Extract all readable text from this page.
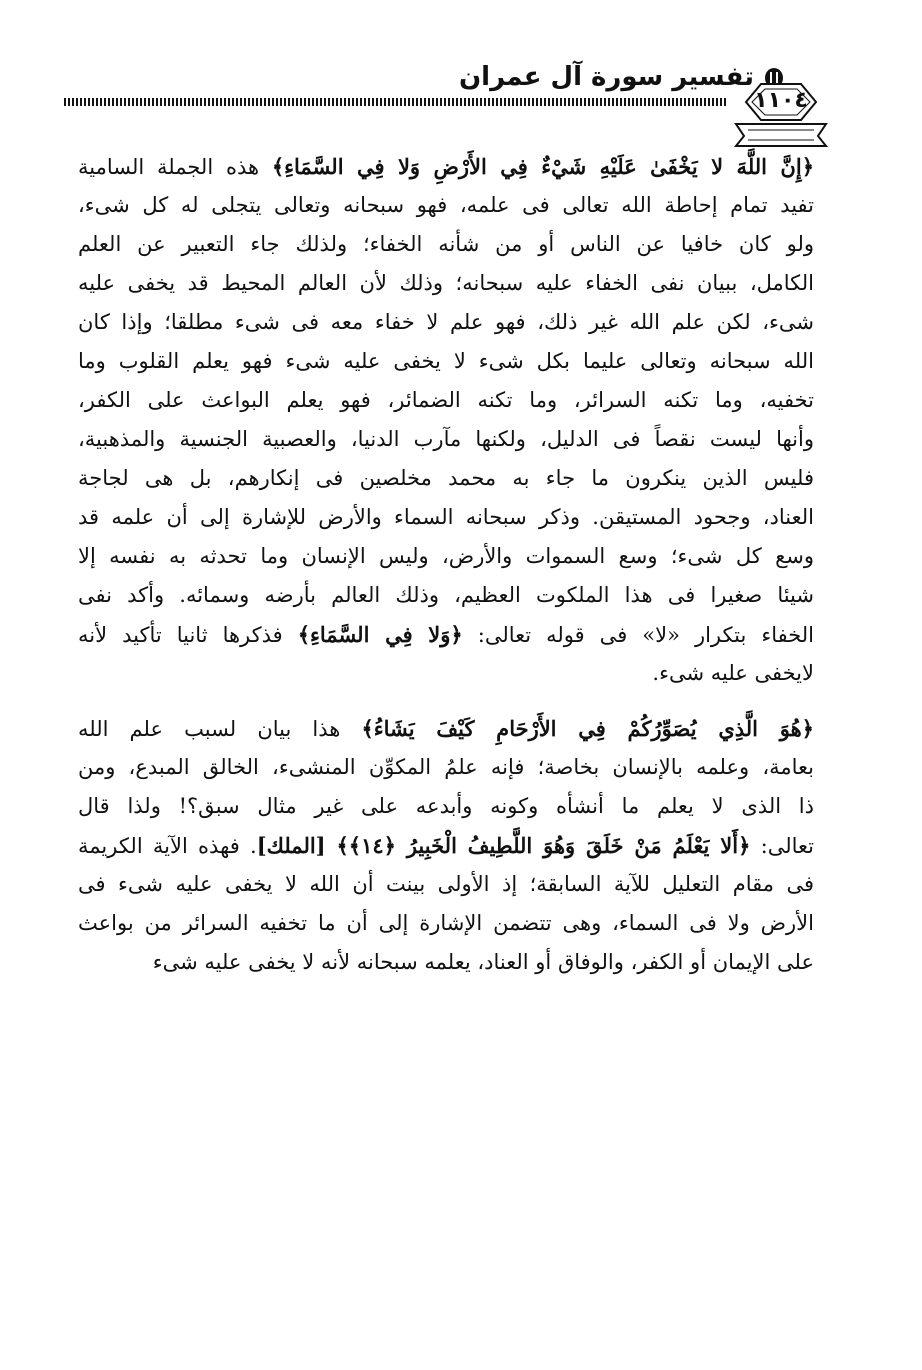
تفسير سورة آل عمران
١١٠٤
﴿إِنَّ اللَّهَ لا يَخْفَىٰ عَلَيْهِ شَيْءٌ فِي الأَرْضِ وَلا فِي السَّمَاءِ﴾ هذه الجملة السامية
تفيد تمام إحاطة الله تعالى فى علمه، فهو سبحانه وتعالى يتجلى له كل شىء،
ولو كان خافيا عن الناس أو من شأنه الخفاء؛ ولذلك جاء التعبير عن العلم
الكامل، ببيان نفى الخفاء عليه سبحانه؛ وذلك لأن العالم المحيط قد يخفى عليه
شىء، لكن علم الله غير ذلك، فهو علم لا خفاء معه فى شىء مطلقا؛ وإذا كان
الله سبحانه وتعالى عليما بكل شىء لا يخفى عليه شىء فهو يعلم القلوب وما
تخفيه، وما تكنه السرائر، وما تكنه الضمائر، فهو يعلم البواعث على الكفر،
وأنها ليست نقصاً فى الدليل، ولكنها مآرب الدنيا، والعصبية الجنسية والمذهبية،
فليس الذين ينكرون ما جاء به محمد مخلصين فى إنكارهم، بل هى لجاجة
العناد، وجحود المستيقن. وذكر سبحانه السماء والأرض للإشارة إلى أن علمه قد
وسع كل شىء؛ وسع السموات والأرض، وليس الإنسان وما تحدثه به نفسه إلا
شيئا صغيرا فى هذا الملكوت العظيم، وذلك العالم بأرضه وسمائه. وأكد نفى
الخفاء بتكرار «لا» فى قوله تعالى: ﴿وَلا فِي السَّمَاءِ﴾ فذكرها ثانيا تأكيد لأنه
لايخفى عليه شىء.
﴿هُوَ الَّذِي يُصَوِّرُكُمْ فِي الأَرْحَامِ كَيْفَ يَشَاءُ﴾ هذا بيان لسبب علم الله
بعامة، وعلمه بالإنسان بخاصة؛ فإنه علمُ المكوِّن المنشىء، الخالق المبدع، ومن
ذا الذى لا يعلم ما أنشأه وكونه وأبدعه على غير مثال سبق؟! ولذا قال
تعالى: ﴿أَلا يَعْلَمُ مَنْ خَلَقَ وَهُوَ اللَّطِيفُ الْخَبِيرُ ﴿١٤﴾﴾ [الملك]. فهذه الآية الكريمة
فى مقام التعليل للآية السابقة؛ إذ الأولى بينت أن الله لا يخفى عليه شىء فى
الأرض ولا فى السماء، وهى تتضمن الإشارة إلى أن ما تخفيه السرائر من بواعث
على الإيمان أو الكفر، والوفاق أو العناد، يعلمه سبحانه لأنه لا يخفى عليه شىء
